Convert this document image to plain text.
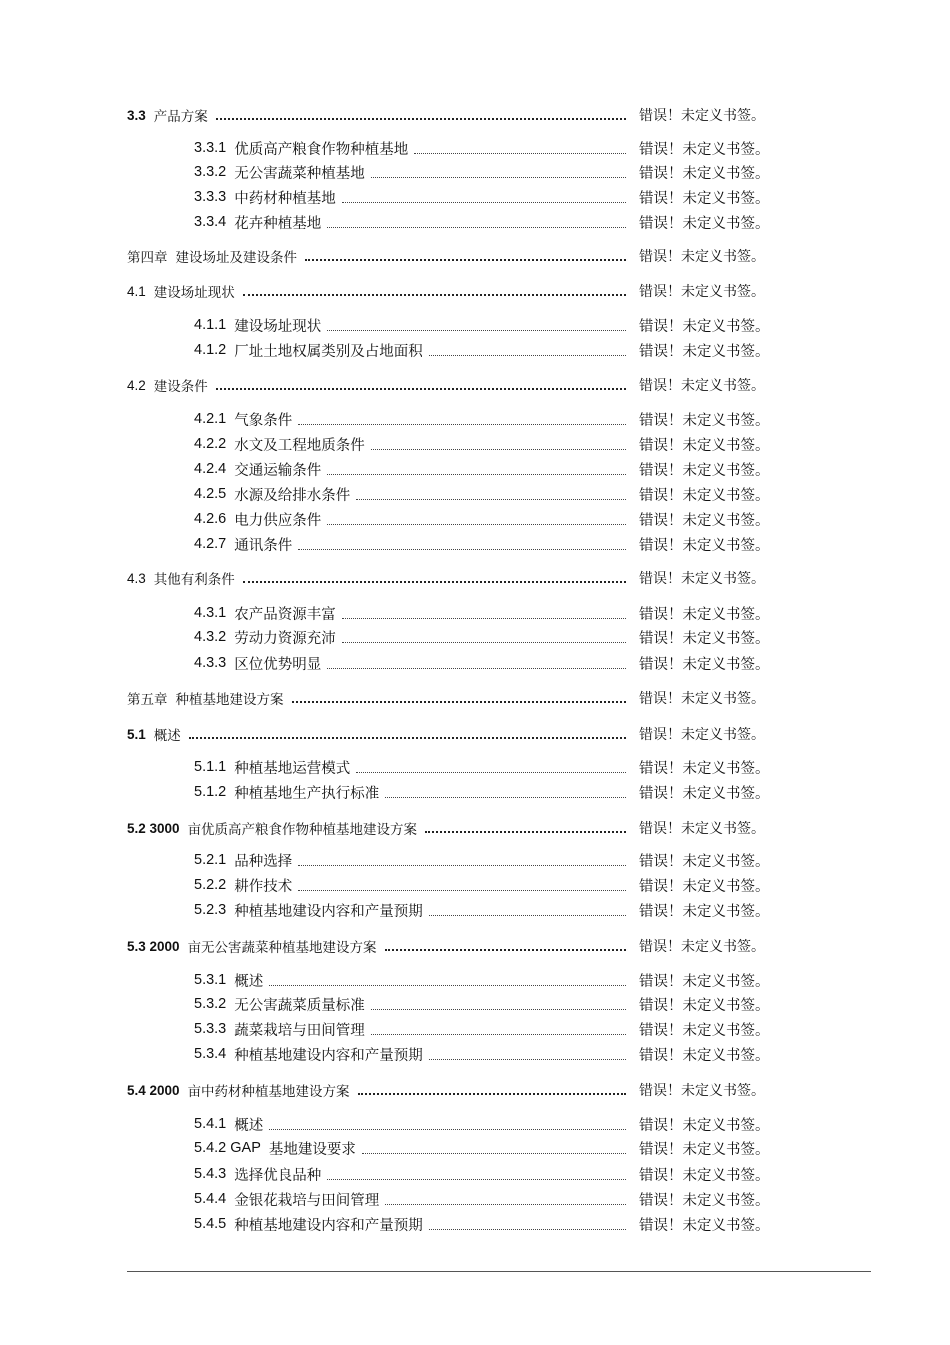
3.3 产品方案	错误！未定义书签。
3.3.1 优质高产粮食作物种植基地	错误！未定义书签。
3.3.2 无公害蔬菜种植基地	错误！未定义书签。
3.3.3 中药材种植基地	错误！未定义书签。
3.3.4 花卉种植基地	错误！未定义书签。
第四章 建设场址及建设条件	错误！未定义书签。
4.1 建设场址现状	错误！未定义书签。
4.1.1 建设场址现状	错误！未定义书签。
4.1.2 厂址土地权属类别及占地面积	错误！未定义书签。
4.2 建设条件	错误！未定义书签。
4.2.1 气象条件	错误！未定义书签。
4.2.2 水文及工程地质条件	错误！未定义书签。
4.2.4 交通运输条件	错误！未定义书签。
4.2.5 水源及给排水条件	错误！未定义书签。
4.2.6 电力供应条件	错误！未定义书签。
4.2.7 通讯条件	错误！未定义书签。
4.3 其他有利条件	错误！未定义书签。
4.3.1 农产品资源丰富	错误！未定义书签。
4.3.2 劳动力资源充沛	错误！未定义书签。
4.3.3 区位优势明显	错误！未定义书签。
第五章 种植基地建设方案	错误！未定义书签。
5.1 概述	错误！未定义书签。
5.1.1 种植基地运营模式	错误！未定义书签。
5.1.2 种植基地生产执行标准	错误！未定义书签。
5.2 3000 亩优质高产粮食作物种植基地建设方案	错误！未定义书签。
5.2.1 品种选择	错误！未定义书签。
5.2.2 耕作技术	错误！未定义书签。
5.2.3 种植基地建设内容和产量预期	错误！未定义书签。
5.3 2000 亩无公害蔬菜种植基地建设方案	错误！未定义书签。
5.3.1 概述	错误！未定义书签。
5.3.2 无公害蔬菜质量标准	错误！未定义书签。
5.3.3 蔬菜栽培与田间管理	错误！未定义书签。
5.3.4 种植基地建设内容和产量预期	错误！未定义书签。
5.4 2000 亩中药材种植基地建设方案	错误！未定义书签。
5.4.1 概述	错误！未定义书签。
5.4.2 GAP 基地建设要求	错误！未定义书签。
5.4.3 选择优良品种	错误！未定义书签。
5.4.4 金银花栽培与田间管理	错误！未定义书签。
5.4.5 种植基地建设内容和产量预期	错误！未定义书签。
